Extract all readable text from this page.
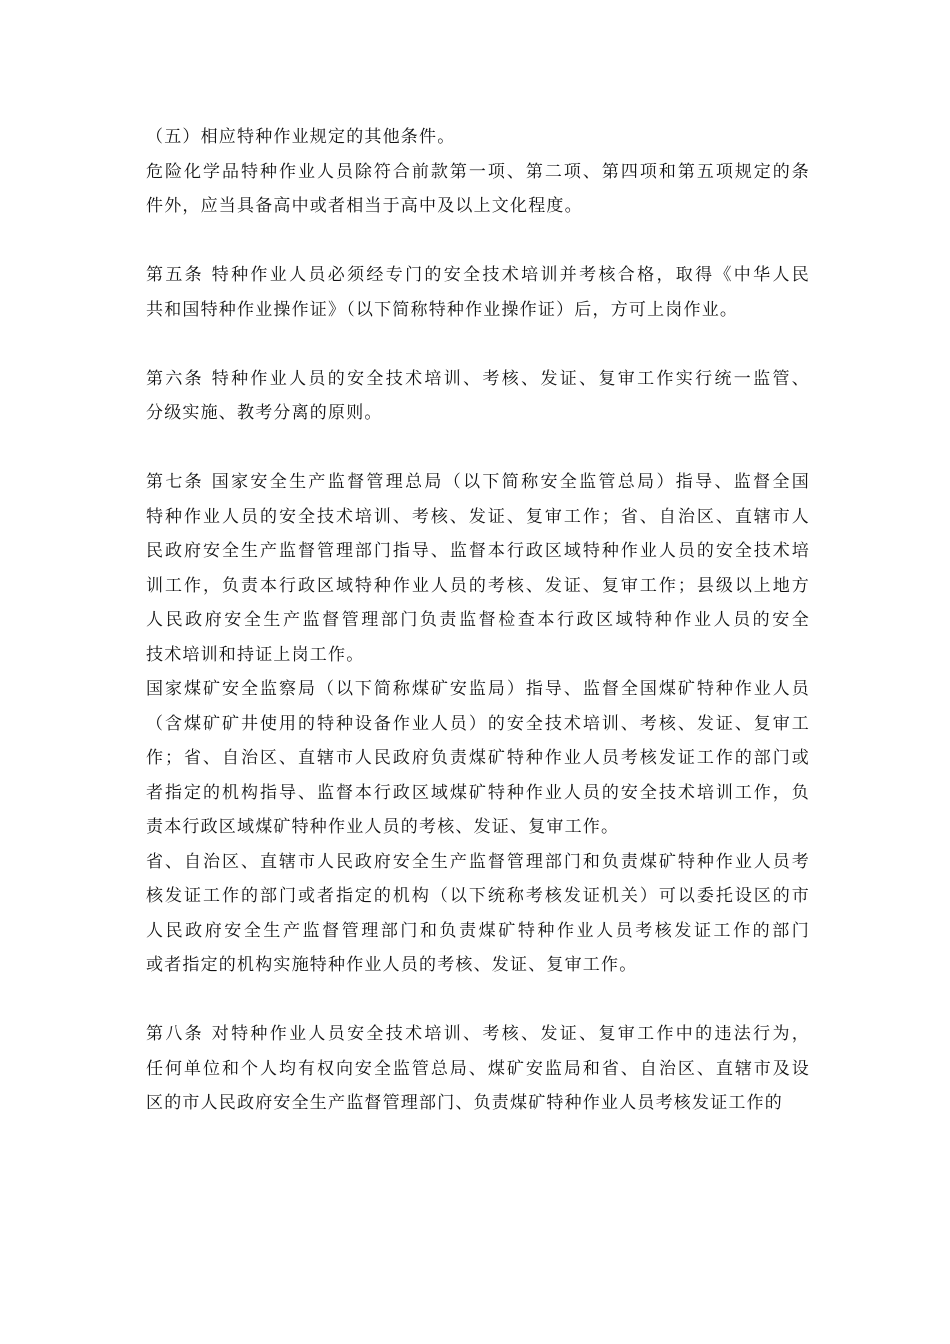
（五）相应特种作业规定的其他条件。
危险化学品特种作业人员除符合前款第一项、第二项、第四项和第五项规定的条
件外，应当具备高中或者相当于高中及以上文化程度。
第五条 特种作业人员必须经专门的安全技术培训并考核合格，取得《中华人民
共和国特种作业操作证》（以下简称特种作业操作证）后，方可上岗作业。
第六条 特种作业人员的安全技术培训、考核、发证、复审工作实行统一监管、
分级实施、教考分离的原则。
第七条 国家安全生产监督管理总局（以下简称安全监管总局）指导、监督全国
特种作业人员的安全技术培训、考核、发证、复审工作；省、自治区、直辖市人
民政府安全生产监督管理部门指导、监督本行政区域特种作业人员的安全技术培
训工作，负责本行政区域特种作业人员的考核、发证、复审工作；县级以上地方
人民政府安全生产监督管理部门负责监督检查本行政区域特种作业人员的安全
技术培训和持证上岗工作。
国家煤矿安全监察局（以下简称煤矿安监局）指导、监督全国煤矿特种作业人员
（含煤矿矿井使用的特种设备作业人员）的安全技术培训、考核、发证、复审工
作；省、自治区、直辖市人民政府负责煤矿特种作业人员考核发证工作的部门或
者指定的机构指导、监督本行政区域煤矿特种作业人员的安全技术培训工作，负
责本行政区域煤矿特种作业人员的考核、发证、复审工作。
省、自治区、直辖市人民政府安全生产监督管理部门和负责煤矿特种作业人员考
核发证工作的部门或者指定的机构（以下统称考核发证机关）可以委托设区的市
人民政府安全生产监督管理部门和负责煤矿特种作业人员考核发证工作的部门
或者指定的机构实施特种作业人员的考核、发证、复审工作。
第八条 对特种作业人员安全技术培训、考核、发证、复审工作中的违法行为，
任何单位和个人均有权向安全监管总局、煤矿安监局和省、自治区、直辖市及设
区的市人民政府安全生产监督管理部门、负责煤矿特种作业人员考核发证工作的
